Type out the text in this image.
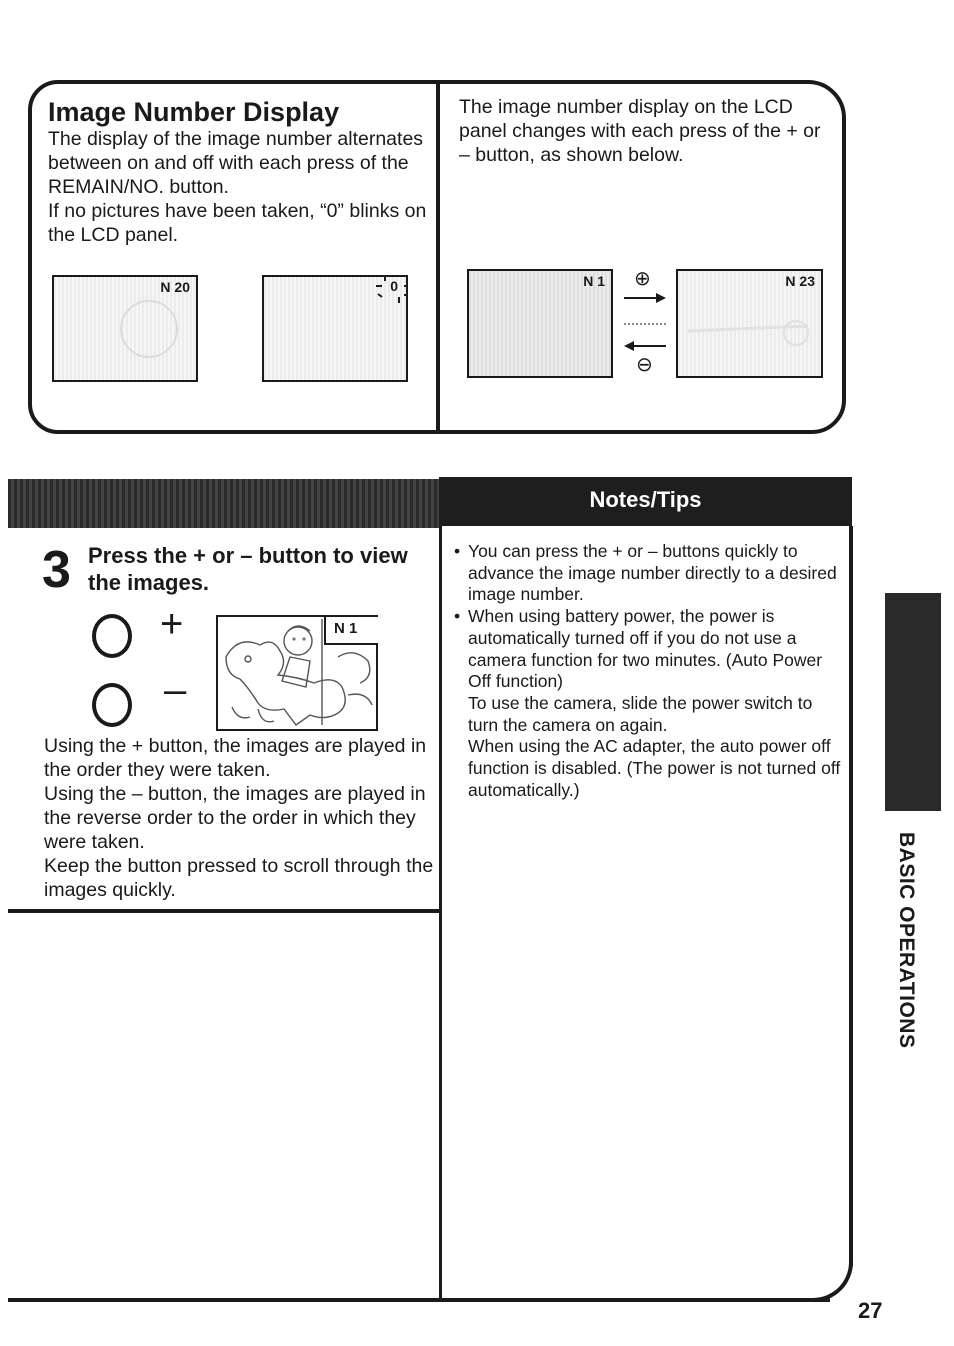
Image Number Display
The display of the image number alternates between on and off with each press of the REMAIN/NO. button.
If no pictures have been taken, “0” blinks on the LCD panel.
The image number display on the LCD panel changes with each press of the + or – button, as shown below.
N 20	0	N 1 ⊕
⊖
N 23
Notes/Tips
3 Press the + or – button to view the images.
+
–
N 1
Using the + button, the images are played in the order they were taken.
Using the – button, the images are played in the reverse order to the order in which they were taken.
Keep the button pressed to scroll through the images quickly.
• You can press the + or – buttons quickly to advance the image number directly to a desired image number.
• When using battery power, the power is automatically turned off if you do not use a camera function for two minutes. (Auto Power Off function)
To use the camera, slide the power switch to turn the camera on again.
When using the AC adapter, the auto power off function is disabled. (The power is not turned off automatically.)
BASIC OPERATIONS
27
